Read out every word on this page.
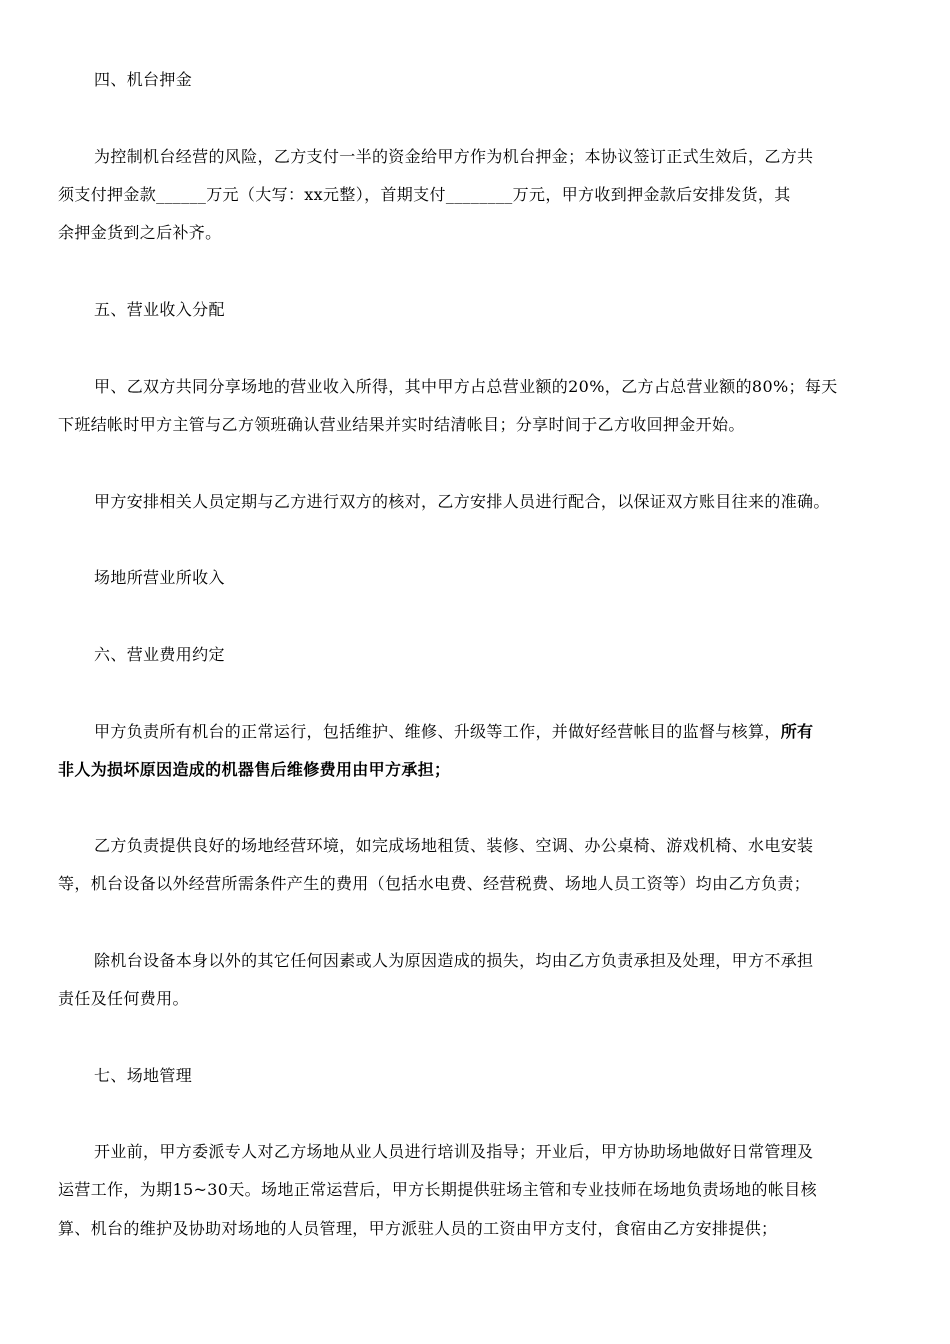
四、机台押金
为控制机台经营的风险，乙方支付一半的资金给甲方作为机台押金；本协议签订正式生效后，乙方共
须支付押金款______万元（大写：xx元整），首期支付________万元，甲方收到押金款后安排发货，其
余押金货到之后补齐。
五、营业收入分配
甲、乙双方共同分享场地的营业收入所得，其中甲方占总营业额的20%，乙方占总营业额的80%；每天
下班结帐时甲方主管与乙方领班确认营业结果并实时结清帐目；分享时间于乙方收回押金开始。
甲方安排相关人员定期与乙方进行双方的核对，乙方安排人员进行配合，以保证双方账目往来的准确。
场地所营业所收入
六、营业费用约定
甲方负责所有机台的正常运行，包括维护、维修、升级等工作，并做好经营帐目的监督与核算，所有
非人为损坏原因造成的机器售后维修费用由甲方承担；
乙方负责提供良好的场地经营环境，如完成场地租赁、装修、空调、办公桌椅、游戏机椅、水电安装
等，机台设备以外经营所需条件产生的费用（包括水电费、经营税费、场地人员工资等）均由乙方负责；
除机台设备本身以外的其它任何因素或人为原因造成的损失，均由乙方负责承担及处理，甲方不承担
责任及任何费用。
七、场地管理
开业前，甲方委派专人对乙方场地从业人员进行培训及指导；开业后，甲方协助场地做好日常管理及
运营工作，为期15~30天。场地正常运营后，甲方长期提供驻场主管和专业技师在场地负责场地的帐目核
算、机台的维护及协助对场地的人员管理，甲方派驻人员的工资由甲方支付，食宿由乙方安排提供；
